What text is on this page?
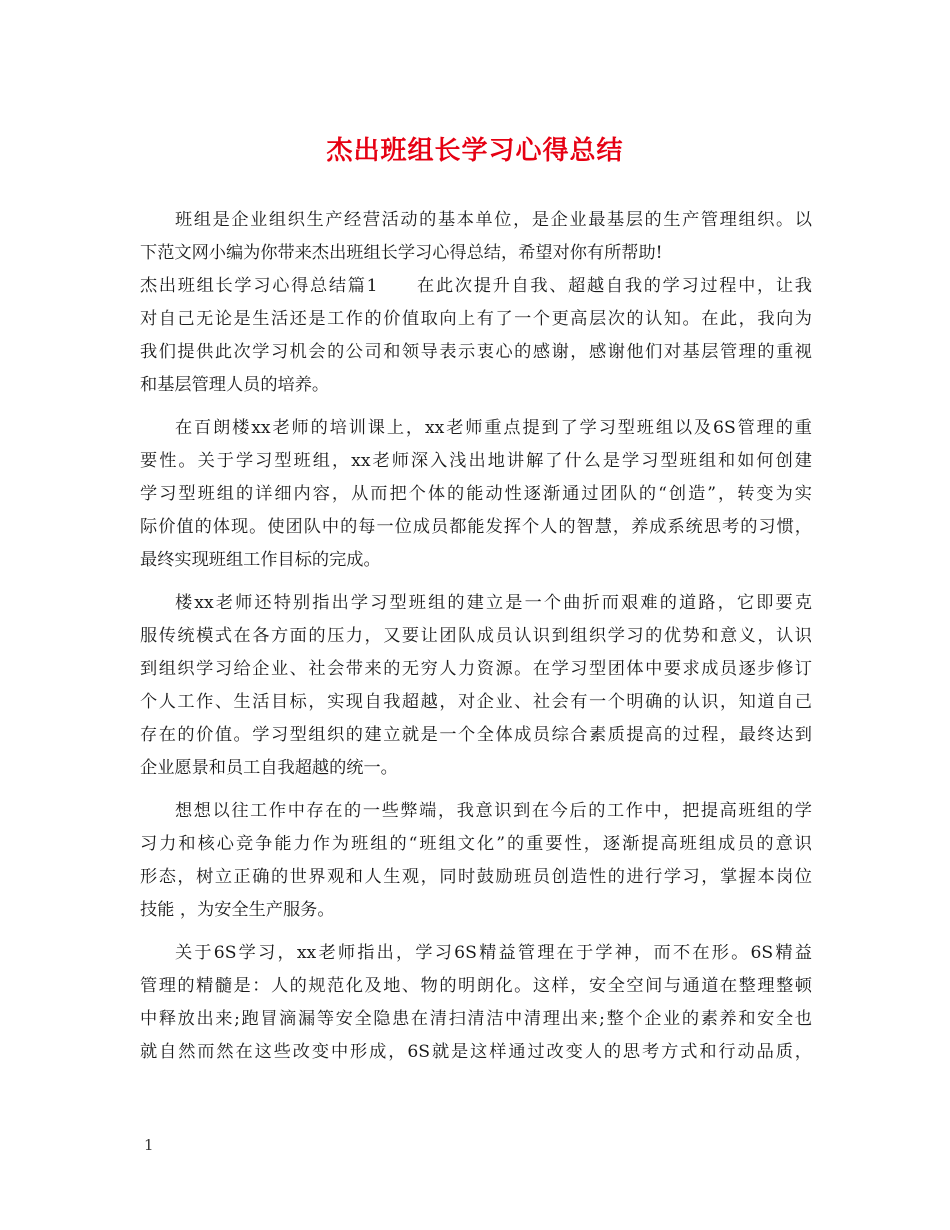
杰出班组长学习心得总结
班组是企业组织生产经营活动的基本单位，是企业最基层的生产管理组织。以
下范文网小编为你带来杰出班组长学习心得总结，希望对你有所帮助!
杰出班组长学习心得总结篇1　　在此次提升自我、超越自我的学习过程中，让我
对自己无论是生活还是工作的价值取向上有了一个更高层次的认知。在此，我向为
我们提供此次学习机会的公司和领导表示衷心的感谢，感谢他们对基层管理的重视
和基层管理人员的培养。
在百朗楼xx老师的培训课上，xx老师重点提到了学习型班组以及6S管理的重
要性。关于学习型班组，xx老师深入浅出地讲解了什么是学习型班组和如何创建
学习型班组的详细内容，从而把个体的能动性逐渐通过团队的“创造”，转变为实
际价值的体现。使团队中的每一位成员都能发挥个人的智慧，养成系统思考的习惯，
最终实现班组工作目标的完成。
楼xx老师还特别指出学习型班组的建立是一个曲折而艰难的道路，它即要克
服传统模式在各方面的压力，又要让团队成员认识到组织学习的优势和意义，认识
到组织学习给企业、社会带来的无穷人力资源。在学习型团体中要求成员逐步修订
个人工作、生活目标，实现自我超越，对企业、社会有一个明确的认识，知道自己
存在的价值。学习型组织的建立就是一个全体成员综合素质提高的过程，最终达到
企业愿景和员工自我超越的统一。
想想以往工作中存在的一些弊端，我意识到在今后的工作中，把提高班组的学
习力和核心竞争能力作为班组的“班组文化”的重要性，逐渐提高班组成员的意识
形态，树立正确的世界观和人生观，同时鼓励班员创造性的进行学习，掌握本岗位
技能 ，为安全生产服务。
关于6S学习，xx老师指出，学习6S精益管理在于学神，而不在形。6S精益
管理的精髓是：人的规范化及地、物的明朗化。这样，安全空间与通道在整理整顿
中释放出来;跑冒滴漏等安全隐患在清扫清洁中清理出来;整个企业的素养和安全也
就自然而然在这些改变中形成，6S就是这样通过改变人的思考方式和行动品质，
1
